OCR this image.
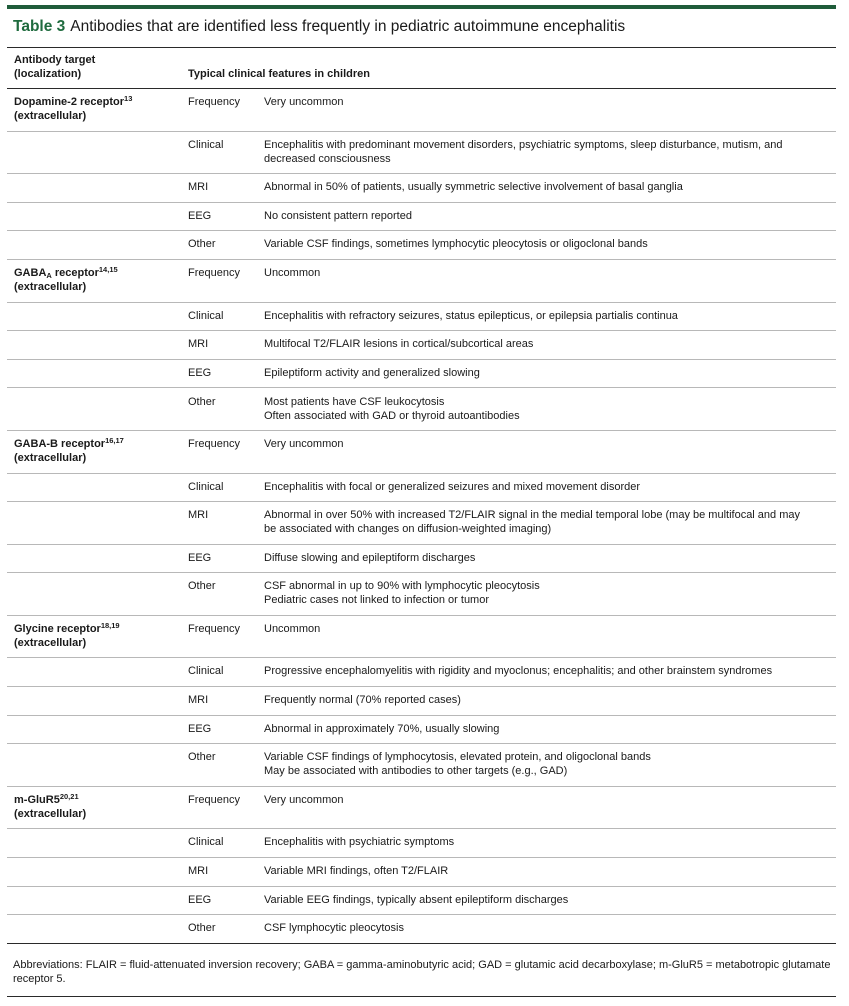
Table 3 Antibodies that are identified less frequently in pediatric autoimmune encephalitis
Antibody target
(localization)	Typical clinical features in children
Dopamine-2 receptor$^{13}$
(extracellular)
Frequency Very uncommon
Clinical	Encephalitis with predominant movement disorders, psychiatric symptoms, sleep disturbance, mutism, and
decreased consciousness
MRI	Abnormal in 50% of patients, usually symmetric selective involvement of basal ganglia
EEG	No consistent pattern reported
Other	Variable CSF findings, sometimes lymphocytic pleocytosis or oligoclonal bands
$GABA_A$ receptor$^{14,15}$
(extracellular)
Frequency Uncommon
Clinical	Encephalitis with refractory seizures, status epilepticus, or epilepsia partialis continua
MRI	Multifocal T2/FLAIR lesions in cortical/subcortical areas
EEG	Epileptiform activity and generalized slowing
Other	Most patients have CSF leukocytosis
Often associated with GAD or thyroid autoantibodies
GABA-B receptor$^{16,17}$
(extracellular)
Frequency Very uncommon
Clinical	Encephalitis with focal or generalized seizures and mixed movement disorder
MRI	Abnormal in over 50% with increased T2/FLAIR signal in the medial temporal lobe (may be multifocal and may
be associated with changes on diffusion-weighted imaging)
EEG	Diffuse slowing and epileptiform discharges
Other	CSF abnormal in up to 90% with lymphocytic pleocytosis
Pediatric cases not linked to infection or tumor
Glycine receptor$^{18,19}$
(extracellular)
Frequency Uncommon
Clinical	Progressive encephalomyelitis with rigidity and myoclonus; encephalitis; and other brainstem syndromes
MRI	Frequently normal (70% reported cases)
EEG	Abnormal in approximately 70%, usually slowing
Other	Variable CSF findings of lymphocytosis, elevated protein, and oligoclonal bands
May be associated with antibodies to other targets (e.g., GAD)
m-GluR5$^{20,21}$
(extracellular)
Frequency Very uncommon
Clinical	Encephalitis with psychiatric symptoms
MRI	Variable MRI findings, often T2/FLAIR
EEG	Variable EEG findings, typically absent epileptiform discharges
Other	CSF lymphocytic pleocytosis
Abbreviations: FLAIR = fluid-attenuated inversion recovery; GABA = gamma-aminobutyric acid; GAD = glutamic acid decarboxylase; m-GluR5 = metabotropic glutamate receptor 5.
